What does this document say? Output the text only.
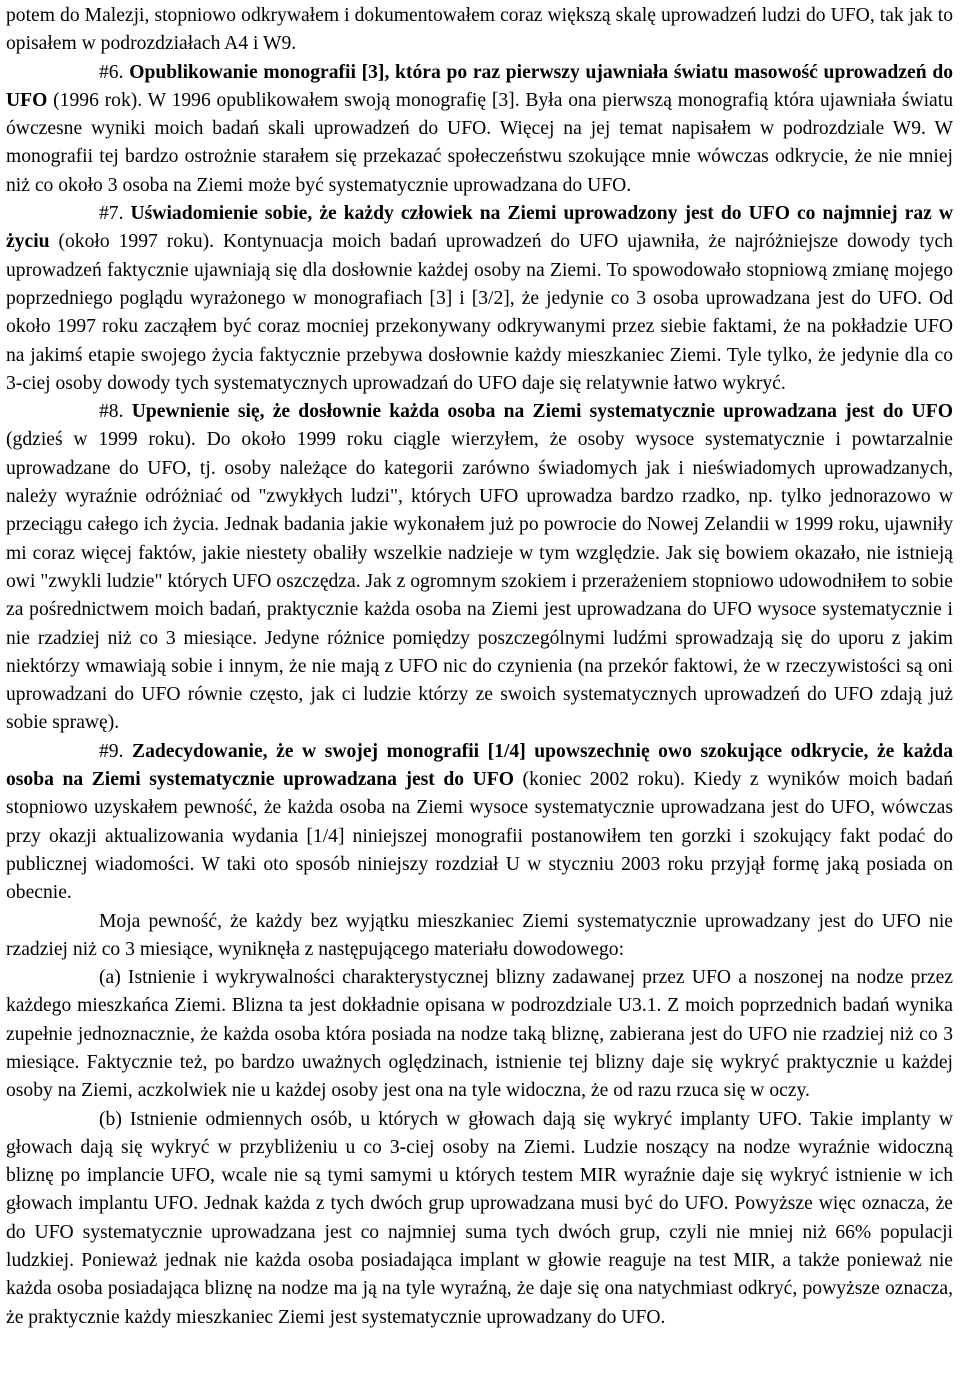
potem do Malezji, stopniowo odkrywałem i dokumentowałem coraz większą skalę uprowadzeń ludzi do UFO, tak jak to opisałem w podrozdziałach A4 i W9.

#6. Opublikowanie monografii [3], która po raz pierwszy ujawniała światu masowość uprowadzeń do UFO (1996 rok). W 1996 opublikowałem swoją monografię [3]. Była ona pierwszą monografią która ujawniała światu ówczesne wyniki moich badań skali uprowadzeń do UFO. Więcej na jej temat napisałem w podrozdziale W9. W monografii tej bardzo ostrożnie starałem się przekazać społeczeństwu szokujące mnie wówczas odkrycie, że nie mniej niż co około 3 osoba na Ziemi może być systematycznie uprowadzana do UFO.

#7. Uświadomienie sobie, że każdy człowiek na Ziemi uprowadzony jest do UFO co najmniej raz w życiu (około 1997 roku). Kontynuacja moich badań uprowadzeń do UFO ujawniła, że najróżniejsze dowody tych uprowadzeń faktycznie ujawniają się dla dosłownie każdej osoby na Ziemi. To spowodowało stopniową zmianę mojego poprzedniego poglądu wyrażonego w monografiach [3] i [3/2], że jedynie co 3 osoba uprowadzana jest do UFO. Od około 1997 roku zacząłem być coraz mocniej przekonywany odkrywanymi przez siebie faktami, że na pokładzie UFO na jakimś etapie swojego życia faktycznie przebywa dosłownie każdy mieszkaniec Ziemi. Tyle tylko, że jedynie dla co 3-ciej osoby dowody tych systematycznych uprowadzań do UFO daje się relatywnie łatwo wykryć.

#8. Upewnienie się, że dosłownie każda osoba na Ziemi systematycznie uprowadzana jest do UFO (gdzieś w 1999 roku). Do około 1999 roku ciągle wierzyłem, że osoby wysoce systematycznie i powtarzalnie uprowadzane do UFO, tj. osoby należące do kategorii zarówno świadomych jak i nieświadomych uprowadzanych, należy wyraźnie odróżniać od "zwykłych ludzi", których UFO uprowadza bardzo rzadko, np. tylko jednorazowo w przeciągu całego ich życia. Jednak badania jakie wykonałem już po powrocie do Nowej Zelandii w 1999 roku, ujawniły mi coraz więcej faktów, jakie niestety obaliły wszelkie nadzieje w tym względzie. Jak się bowiem okazało, nie istnieją owi "zwykli ludzie" których UFO oszczędza. Jak z ogromnym szokiem i przerażeniem stopniowo udowodniłem to sobie za pośrednictwem moich badań, praktycznie każda osoba na Ziemi jest uprowadzana do UFO wysoce systematycznie i nie rzadziej niż co 3 miesiące. Jedyne różnice pomiędzy poszczególnymi ludźmi sprowadzają się do uporu z jakim niektórzy wmawiają sobie i innym, że nie mają z UFO nic do czynienia (na przekór faktowi, że w rzeczywistości są oni uprowadzani do UFO równie często, jak ci ludzie którzy ze swoich systematycznych uprowadzeń do UFO zdają już sobie sprawę).

#9. Zadecydowanie, że w swojej monografii [1/4] upowszechnię owo szokujące odkrycie, że każda osoba na Ziemi systematycznie uprowadzana jest do UFO (koniec 2002 roku). Kiedy z wyników moich badań stopniowo uzyskałem pewność, że każda osoba na Ziemi wysoce systematycznie uprowadzana jest do UFO, wówczas przy okazji aktualizowania wydania [1/4] niniejszej monografii postanowiłem ten gorzki i szokujący fakt podać do publicznej wiadomości. W taki oto sposób niniejszy rozdział U w styczniu 2003 roku przyjął formę jaką posiada on obecnie.

Moja pewność, że każdy bez wyjątku mieszkaniec Ziemi systematycznie uprowadzany jest do UFO nie rzadziej niż co 3 miesiące, wyniknęła z następującego materiału dowodowego:

(a) Istnienie i wykrywalności charakterystycznej blizny zadawanej przez UFO a noszonej na nodze przez każdego mieszkańca Ziemi. Blizna ta jest dokładnie opisana w podrozdziale U3.1. Z moich poprzednich badań wynika zupełnie jednoznacznie, że każda osoba która posiada na nodze taką bliznę, zabierana jest do UFO nie rzadziej niż co 3 miesiące. Faktycznie też, po bardzo uważnych oględzinach, istnienie tej blizny daje się wykryć praktycznie u każdej osoby na Ziemi, aczkolwiek nie u każdej osoby jest ona na tyle widoczna, że od razu rzuca się w oczy.

(b) Istnienie odmiennych osób, u których w głowach dają się wykryć implanty UFO. Takie implanty w głowach dają się wykryć w przybliżeniu u co 3-ciej osoby na Ziemi. Ludzie noszący na nodze wyraźnie widoczną bliznę po implancie UFO, wcale nie są tymi samymi u których testem MIR wyraźnie daje się wykryć istnienie w ich głowach implantu UFO. Jednak każda z tych dwóch grup uprowadzana musi być do UFO. Powyższe więc oznacza, że do UFO systematycznie uprowadzana jest co najmniej suma tych dwóch grup, czyli nie mniej niż 66% populacji ludzkiej. Ponieważ jednak nie każda osoba posiadająca implant w głowie reaguje na test MIR, a także ponieważ nie każda osoba posiadająca bliznę na nodze ma ją na tyle wyraźną, że daje się ona natychmiast odkryć, powyższe oznacza, że praktycznie każdy mieszkaniec Ziemi jest systematycznie uprowadzany do UFO.
